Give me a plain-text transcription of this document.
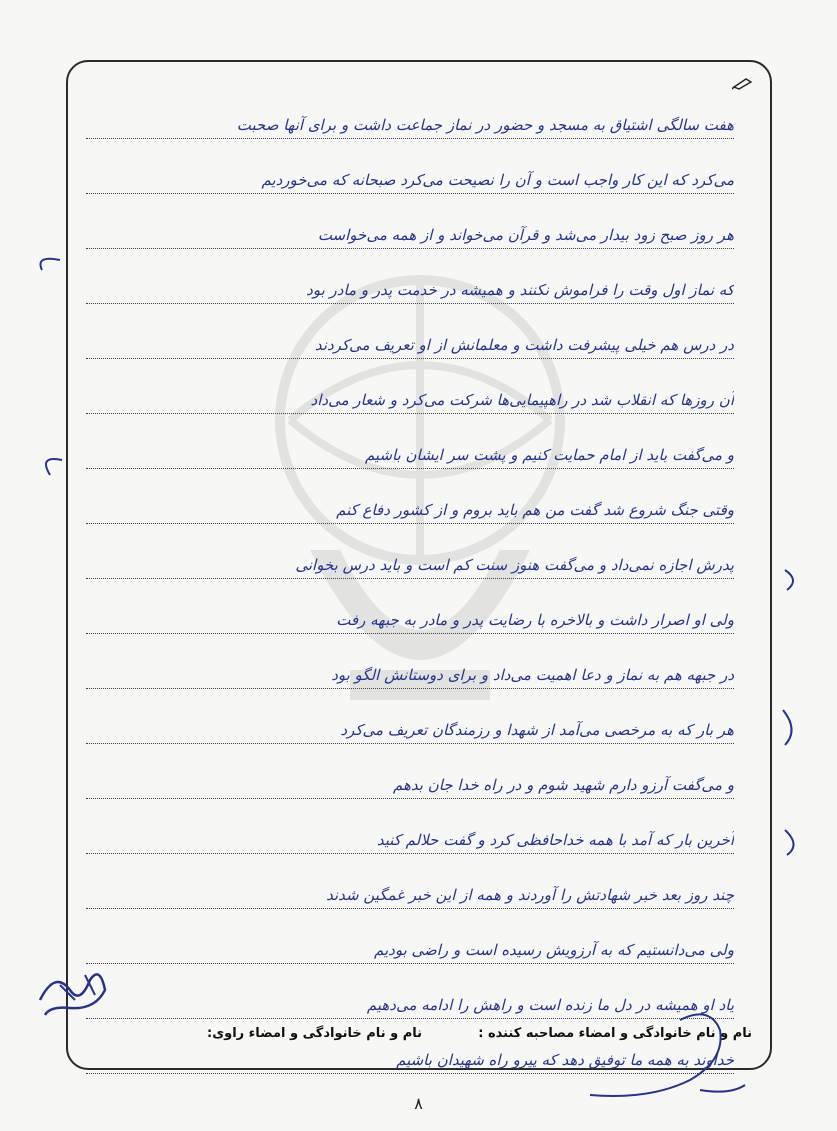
هفت سالگی اشتیاق به مسجد و حضور در نماز جماعت داشت و برای آنها صحبت
می‌کرد که این کار واجب است و آن را نصیحت می‌کرد صبحانه که می‌خوردیم
هر روز صبح زود بیدار می‌شد و قرآن می‌خواند و از همه می‌خواست
که نماز اول وقت را فراموش نکنند و همیشه در خدمت پدر و مادر بود
در درس هم خیلی پیشرفت داشت و معلمانش از او تعریف می‌کردند
آن روزها که انقلاب شد در راهپیمایی‌ها شرکت می‌کرد و شعار می‌داد
و می‌گفت باید از امام حمایت کنیم و پشت سر ایشان باشیم
وقتی جنگ شروع شد گفت من هم باید بروم و از کشور دفاع کنم
پدرش اجازه نمی‌داد و می‌گفت هنوز سنت کم است و باید درس بخوانی
ولی او اصرار داشت و بالاخره با رضایت پدر و مادر به جبهه رفت
در جبهه هم به نماز و دعا اهمیت می‌داد و برای دوستانش الگو بود
هر بار که به مرخصی می‌آمد از شهدا و رزمندگان تعریف می‌کرد
و می‌گفت آرزو دارم شهید شوم و در راه خدا جان بدهم
آخرین بار که آمد با همه خداحافظی کرد و گفت حلالم کنید
چند روز بعد خبر شهادتش را آوردند و همه از این خبر غمگین شدند
ولی می‌دانستیم که به آرزویش رسیده است و راضی بودیم
یاد او همیشه در دل ما زنده است و راهش را ادامه می‌دهیم
خداوند به همه ما توفیق دهد که پیرو راه شهیدان باشیم
نام و نام خانوادگی و امضاء مصاحبه کننده :
نام و نام خانوادگی و امضاء راوی:
۸
